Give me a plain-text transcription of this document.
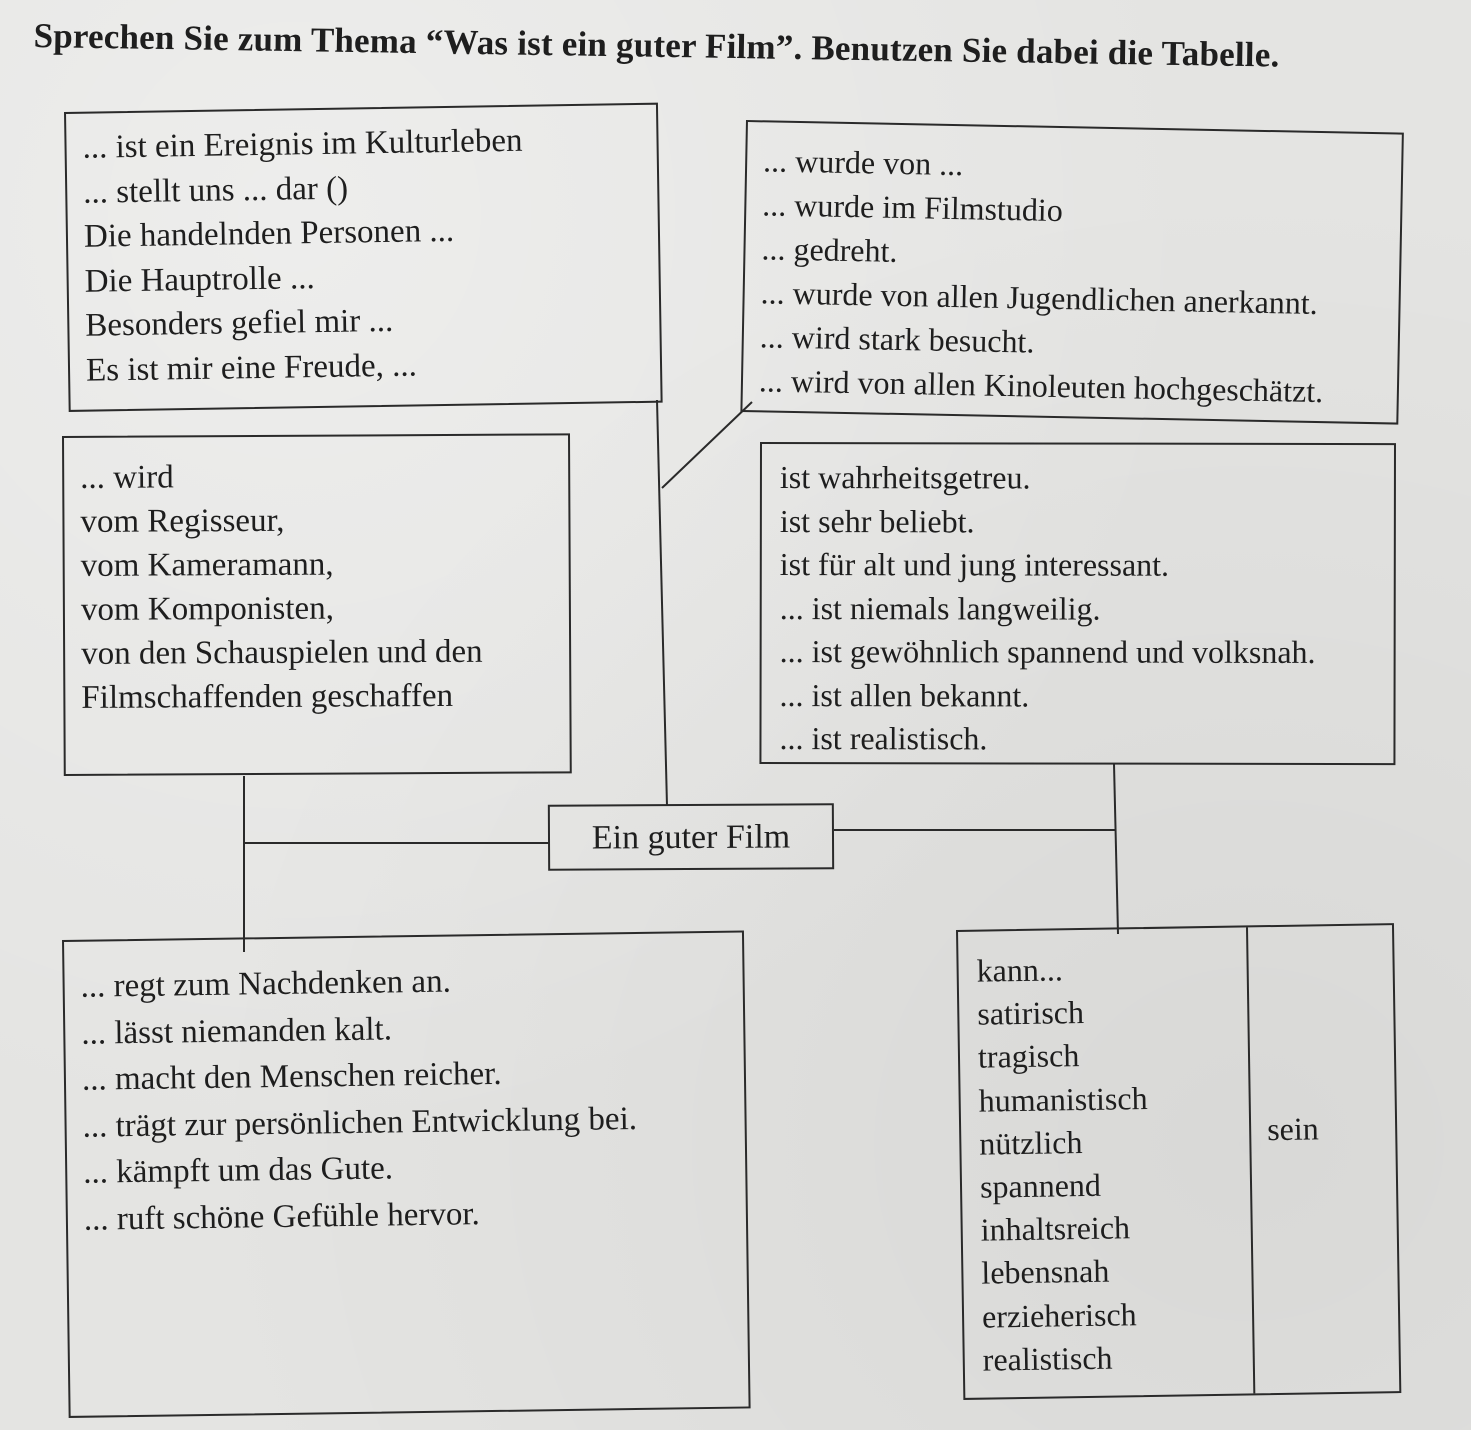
Sprechen Sie zum Thema “Was ist ein guter Film”. Benutzen Sie dabei die Tabelle.
... ist ein Ereignis im Kulturleben
... stellt uns ... dar ()
Die handelnden Personen ...
Die Hauptrolle ...
Besonders gefiel mir ...
Es ist mir eine Freude, ...
... wurde von ...
... wurde im Filmstudio
... gedreht.
... wurde von allen Jugendlichen anerkannt.
... wird stark besucht.
... wird von allen Kinoleuten hochgeschätzt.
... wird
vom Regisseur,
vom Kameramann,
vom Komponisten,
von den Schauspielen und den
Filmschaffenden geschaffen
ist wahrheitsgetreu.
ist sehr beliebt.
ist für alt und jung interessant.
... ist niemals langweilig.
... ist gewöhnlich spannend und volksnah.
... ist allen bekannt.
... ist realistisch.
Ein guter Film
... regt zum Nachdenken an.
... lässt niemanden kalt.
... macht den Menschen reicher.
... trägt zur persönlichen Entwicklung bei.
... kämpft um das Gute.
... ruft schöne Gefühle hervor.
kann...
satirisch
tragisch
humanistisch
nützlich
spannend
inhaltsreich
lebensnah
erzieherisch
realistisch
sein
